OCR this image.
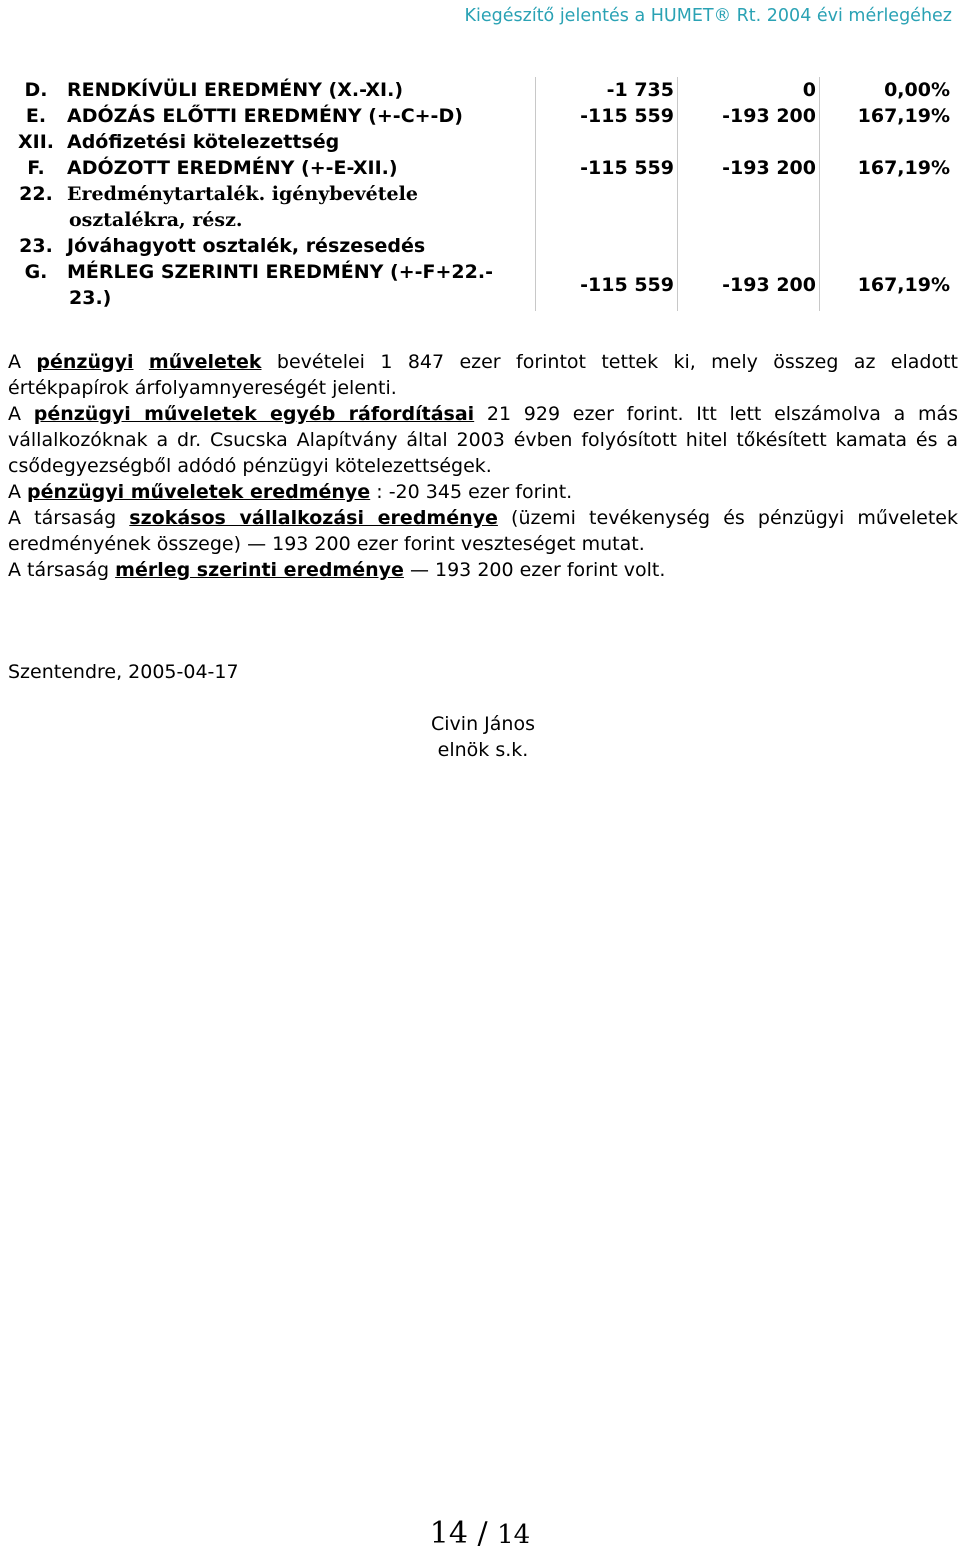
Kiegészítő jelentés a HUMET® Rt. 2004 évi mérlegéhez
D.	RENDKÍVÜLI EREDMÉNY (X.-XI.)	-1 735	0	0,00%
E.	ADÓZÁS ELŐTTI EREDMÉNY (+-C+-D)	-115 559	-193 200	167,19%
XII.	Adófizetési kötelezettség			
F.	ADÓZOTT EREDMÉNY (+-E-XII.)	-115 559	-193 200	167,19%
22.	Eredménytartalék. igénybevétele
osztalékra, rész.			

23.	Jóváhagyott osztalék, részesedés			
G.	MÉRLEG SZERINTI EREDMÉNY (+-F+22.-
23.)	-115 559	-193 200	167,19%

A pénzügyi műveletek bevételei 1 847 ezer forintot tettek ki, mely összeg az eladott

értékpapírok árfolyamnyereségét jelenti.

A pénzügyi műveletek egyéb ráfordításai 21 929 ezer forint. Itt lett elszámolva a más

vállalkozóknak a dr. Csucska Alapítvány által 2003 évben folyósított hitel tőkésített kamata és a

csődegyezségből adódó pénzügyi kötelezettségek.

A pénzügyi műveletek eredménye : -20 345 ezer forint.

A társaság szokásos vállalkozási eredménye (üzemi tevékenység és pénzügyi műveletek

eredményének összege) — 193 200 ezer forint veszteséget mutat.

A társaság mérleg szerinti eredménye — 193 200 ezer forint volt.

Szentendre, 2005-04-17
Civin János
elnök s.k.
14 / 14
